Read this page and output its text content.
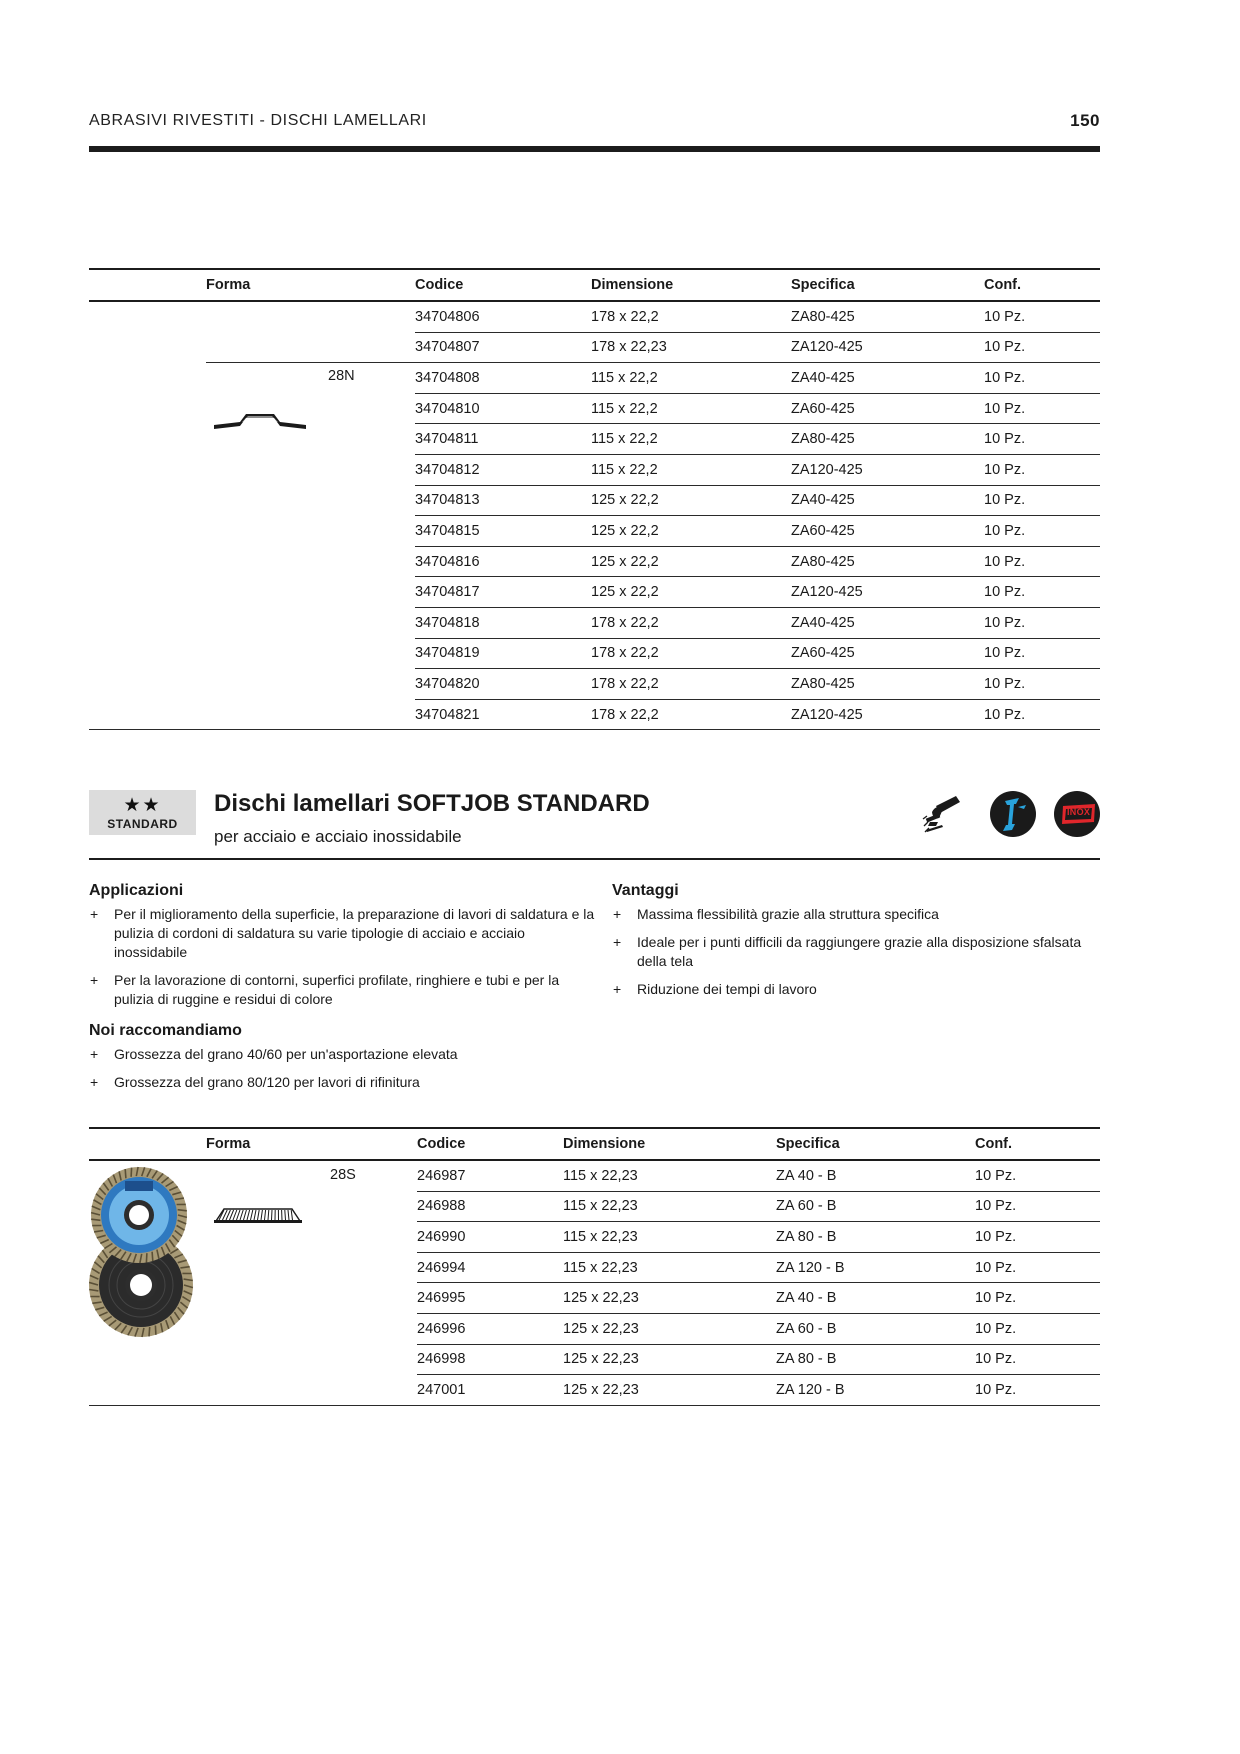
ABRASIVI RIVESTITI - DISCHI LAMELLARI	150
	Forma	Codice	Dimensione	Specifica	Conf.

	28N	34704806	178 x 22,2	ZA80-425	10 Pz.
		34704807	178 x 22,23	ZA120-425	10 Pz.
		34704808	115 x 22,2	ZA40-425	10 Pz.
		34704810	115 x 22,2	ZA60-425	10 Pz.
		34704811	115 x 22,2	ZA80-425	10 Pz.
		34704812	115 x 22,2	ZA120-425	10 Pz.
		34704813	125 x 22,2	ZA40-425	10 Pz.
		34704815	125 x 22,2	ZA60-425	10 Pz.
		34704816	125 x 22,2	ZA80-425	10 Pz.
		34704817	125 x 22,2	ZA120-425	10 Pz.
		34704818	178 x 22,2	ZA40-425	10 Pz.
		34704819	178 x 22,2	ZA60-425	10 Pz.
		34704820	178 x 22,2	ZA80-425	10 Pz.
		34704821	178 x 22,2	ZA120-425	10 Pz.
★★
STANDARD
Dischi lamellari SOFTJOB STANDARD
per acciaio e acciaio inossidabile
INOX
Applicazioni
+ Per il miglioramento della superficie, la preparazione di lavori di saldatura e la pulizia di cordoni di saldatura su varie tipologie di acciaio e acciaio inossidabile
+ Per la lavorazione di contorni, superfici profilate, ringhiere e tubi e per la pulizia di ruggine e residui di colore
Vantaggi
+ Massima flessibilità grazie alla struttura specifica
+ Ideale per i punti difficili da raggiungere grazie alla disposizione sfalsata della tela
+ Riduzione dei tempi di lavoro
Noi raccomandiamo
+ Grossezza del grano 40/60 per un'asportazione elevata
+ Grossezza del grano 80/120 per lavori di rifinitura
	Forma	Codice	Dimensione	Specifica	Conf.

28S	246987	115 x 22,23	ZA 40 - B	10 Pz.
		246988	115 x 22,23	ZA 60 - B	10 Pz.
		246990	115 x 22,23	ZA 80 - B	10 Pz.
		246994	115 x 22,23	ZA 120 - B	10 Pz.
		246995	125 x 22,23	ZA 40 - B	10 Pz.
		246996	125 x 22,23	ZA 60 - B	10 Pz.
		246998	125 x 22,23	ZA 80 - B	10 Pz.
		247001	125 x 22,23	ZA 120 - B	10 Pz.
